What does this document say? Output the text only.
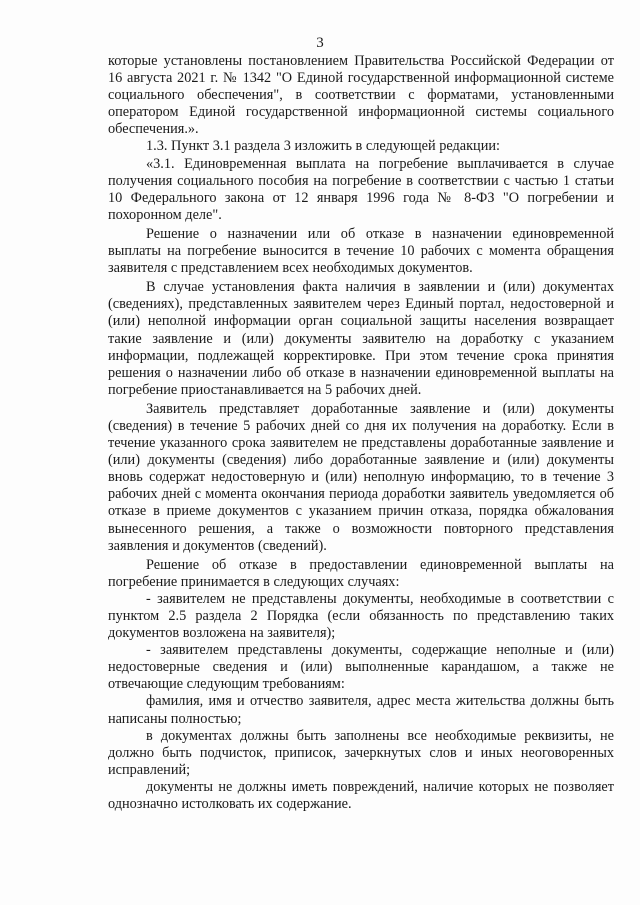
3

которые установлены постановлением Правительства Российской Федерации от 16 августа 2021 г. № 1342 "О Единой государственной информационной системе социального обеспечения", в соответствии с форматами, установленными оператором Единой государственной информационной системы социального обеспечения.».

1.3. Пункт 3.1 раздела 3 изложить в следующей редакции:

«3.1. Единовременная выплата на погребение выплачивается в случае получения социального пособия на погребение в соответствии с частью 1 статьи 10 Федерального закона от 12 января 1996 года № 8-ФЗ "О погребении и похоронном деле".

Решение о назначении или об отказе в назначении единовременной выплаты на погребение выносится в течение 10 рабочих с момента обращения заявителя с представлением всех необходимых документов.

В случае установления факта наличия в заявлении и (или) документах (сведениях), представленных заявителем через Единый портал, недостоверной и (или) неполной информации орган социальной защиты населения возвращает такие заявление и (или) документы заявителю на доработку с указанием информации, подлежащей корректировке. При этом течение срока принятия решения о назначении либо об отказе в назначении единовременной выплаты на погребение приостанавливается на 5 рабочих дней.

Заявитель представляет доработанные заявление и (или) документы (сведения) в течение 5 рабочих дней со дня их получения на доработку. Если в течение указанного срока заявителем не представлены доработанные заявление и (или) документы (сведения) либо доработанные заявление и (или) документы вновь содержат недостоверную и (или) неполную информацию, то в течение 3 рабочих дней с момента окончания периода доработки заявитель уведомляется об отказе в приеме документов с указанием причин отказа, порядка обжалования вынесенного решения, а также о возможности повторного представления заявления и документов (сведений).

Решение об отказе в предоставлении единовременной выплаты на погребение принимается в следующих случаях:

- заявителем не представлены документы, необходимые в соответствии с пунктом 2.5 раздела 2 Порядка (если обязанность по представлению таких документов возложена на заявителя);

- заявителем представлены документы, содержащие неполные и (или) недостоверные сведения и (или) выполненные карандашом, а также не отвечающие следующим требованиям:

фамилия, имя и отчество заявителя, адрес места жительства должны быть написаны полностью;

в документах должны быть заполнены все необходимые реквизиты, не должно быть подчисток, приписок, зачеркнутых слов и иных неоговоренных исправлений;

документы не должны иметь повреждений, наличие которых не позволяет однозначно истолковать их содержание.
